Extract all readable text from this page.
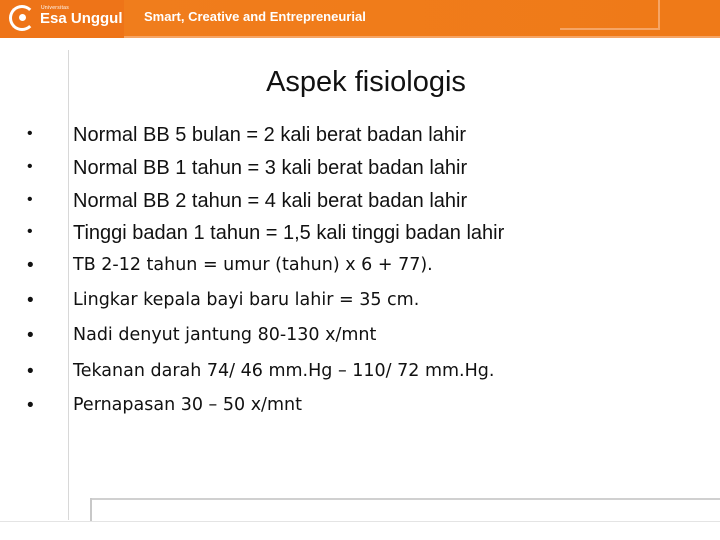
Universitas
Esa Unggul Smart, Creative and Entrepreneurial
Aspek fisiologis
• Normal BB 5 bulan = 2 kali berat badan lahir
• Normal BB 1 tahun = 3 kali berat badan lahir
• Normal BB 2 tahun = 4 kali berat badan lahir
• Tinggi badan 1 tahun = 1,5 kali tinggi badan lahir
• TB 2-12 tahun = umur (tahun) x 6 + 77).
• Lingkar kepala bayi baru lahir = 35 cm.
• Nadi denyut jantung 80-130 x/mnt
• Tekanan darah 74/ 46 mm.Hg – 110/ 72 mm.Hg.
• Pernapasan 30 – 50 x/mnt
